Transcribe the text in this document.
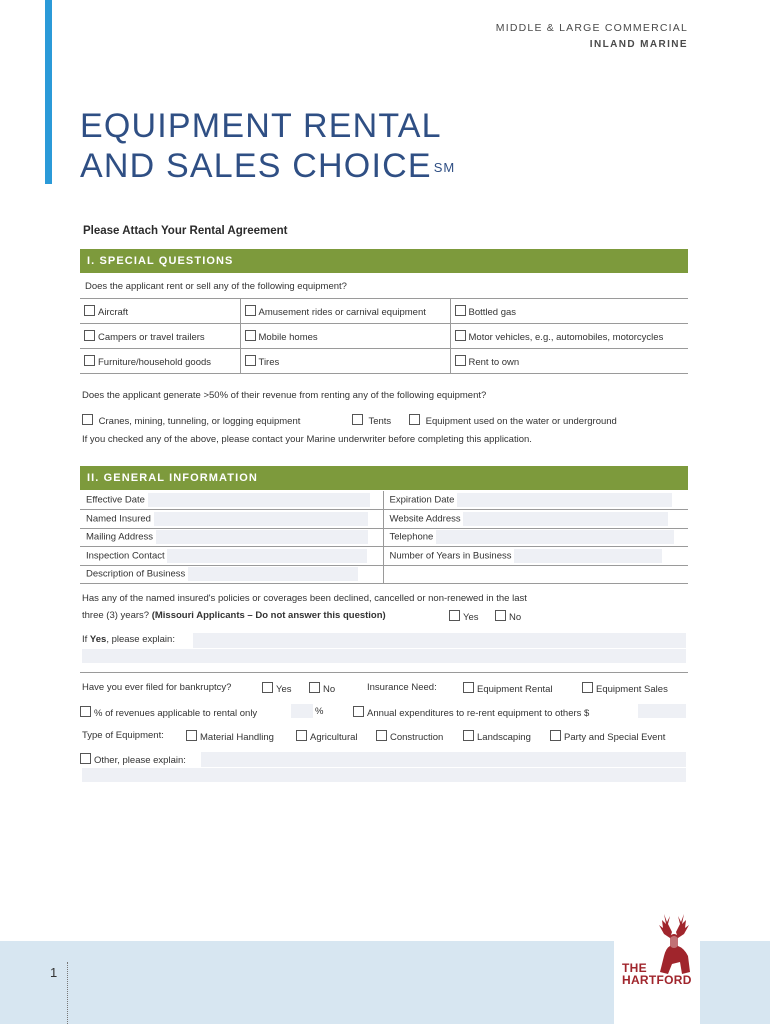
MIDDLE & LARGE COMMERCIAL
INLAND MARINE
EQUIPMENT RENTAL
AND SALES CHOICE ℠
Please Attach Your Rental Agreement
I. SPECIAL QUESTIONS
Does the applicant rent or sell any of the following equipment?
Aircraft	Amusement rides or carnival equipment	Bottled gas
Campers or travel trailers	Mobile homes	Motor vehicles, e.g., automobiles, motorcycles
Furniture/household goods	Tires	Rent to own
Does the applicant generate >50% of their revenue from renting any of the following equipment?
Cranes, mining, tunneling, or logging equipment	Tents	Equipment used on the water or underground
If you checked any of the above, please contact your Marine underwriter before completing this application.
II. GENERAL INFORMATION
Effective Date	Expiration Date
Named Insured	Website Address
Mailing Address	Telephone
Inspection Contact	Number of Years in Business
Description of Business	
Has any of the named insured's policies or coverages been declined, cancelled or non-renewed in the last
three (3) years? (Missouri Applicants – Do not answer this question)	Yes	No
If Yes, please explain:
Have you ever filed for bankruptcy?	Yes	No	Insurance Need:	Equipment Rental	Equipment Sales
% of revenues applicable to rental only	%	Annual expenditures to re-rent equipment to others $
Type of Equipment:	Material Handling	Agricultural	Construction	Landscaping	Party and Special Event
Other, please explain:
1	THE
HARTFORD
